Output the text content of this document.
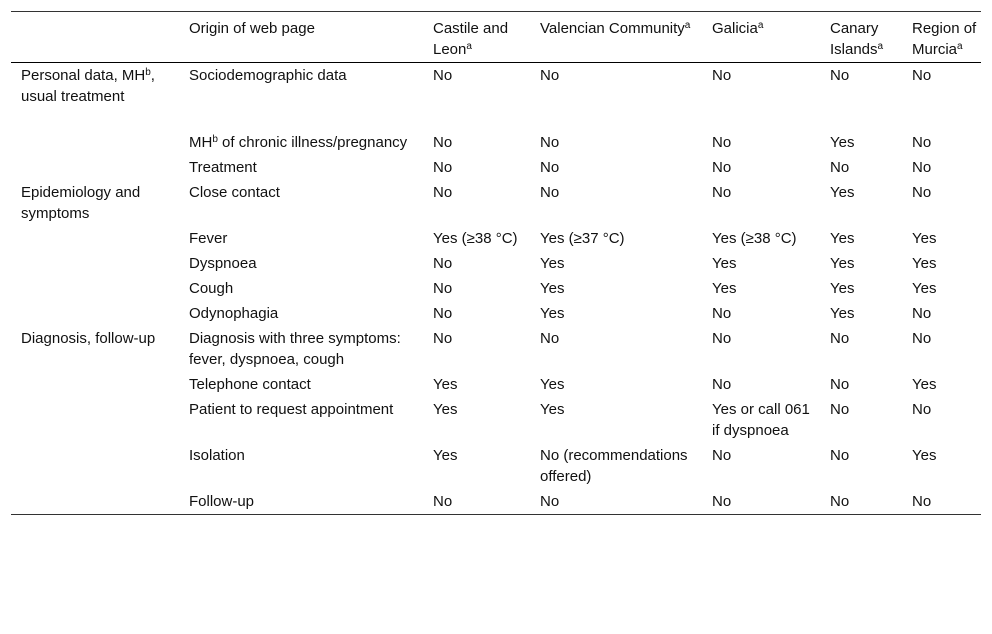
	Origin of web page	Castile and Leon$^a$	Valencian Community$^a$	Galicia$^a$	Canary Islands$^a$	Region of Murcia$^a$
Personal data, $MH^b$, usual treatment	Sociodemographic data	No	No	No	No	No
	$MH^b$ of chronic illness/pregnancy	No	No	No	Yes	No
	Treatment	No	No	No	No	No
Epidemiology and symptoms	Close contact	No	No	No	Yes	No
	Fever	Yes (≥38 °C)	Yes (≥37 °C)	Yes (≥38 °C)	Yes	Yes
	Dyspnoea	No	Yes	Yes	Yes	Yes
	Cough	No	Yes	Yes	Yes	Yes
	Odynophagia	No	Yes	No	Yes	No
Diagnosis, follow-up	Diagnosis with three symptoms: fever, dyspnoea, cough	No	No	No	No	No
	Telephone contact	Yes	Yes	No	No	Yes
	Patient to request appointment	Yes	Yes	Yes or call 061 if dyspnoea	No	No
	Isolation	Yes	No (recommendations offered)	No	No	Yes
	Follow-up	No	No	No	No	No
